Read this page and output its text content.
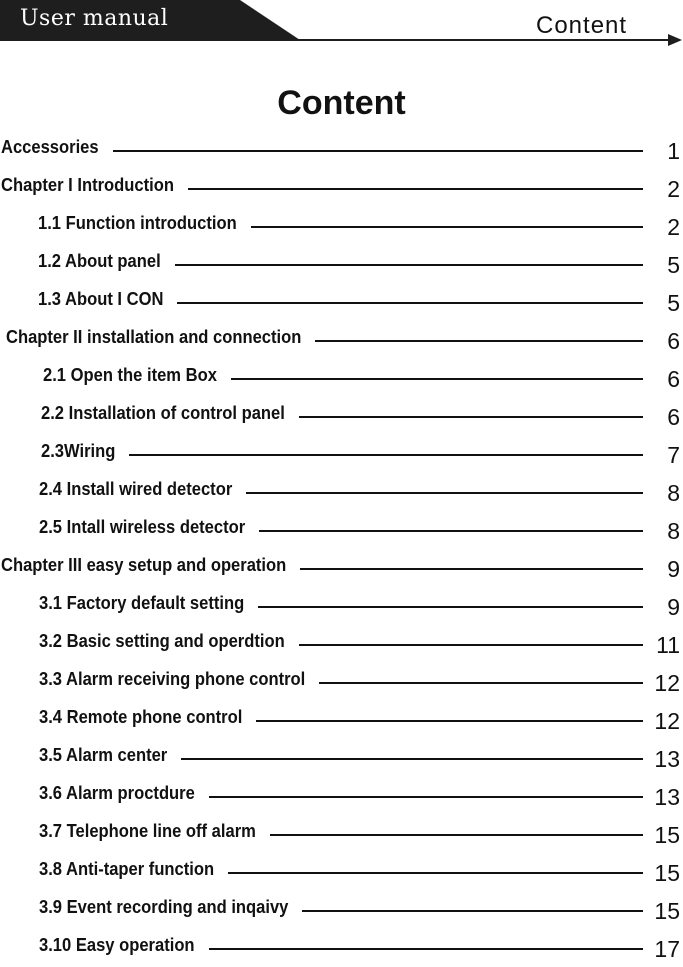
User manual	Content
Content
Accessories	1
Chapter I Introduction	2
1.1 Function introduction	2
1.2 About panel	5
1.3 About I CON	5
Chapter II installation and connection	6
2.1 Open the item Box	6
2.2 Installation of control panel	6
2.3Wiring	7
2.4 Install wired detector	8
2.5 Intall wireless detector	8
Chapter III easy setup and operation	9
3.1 Factory default setting	9
3.2 Basic setting and operdtion	11
3.3 Alarm receiving phone control	12
3.4 Remote phone control	12
3.5 Alarm center	13
3.6 Alarm proctdure	13
3.7 Telephone line off alarm	15
3.8 Anti-taper function	15
3.9 Event recording and inqaivy	15
3.10 Easy operation	17
